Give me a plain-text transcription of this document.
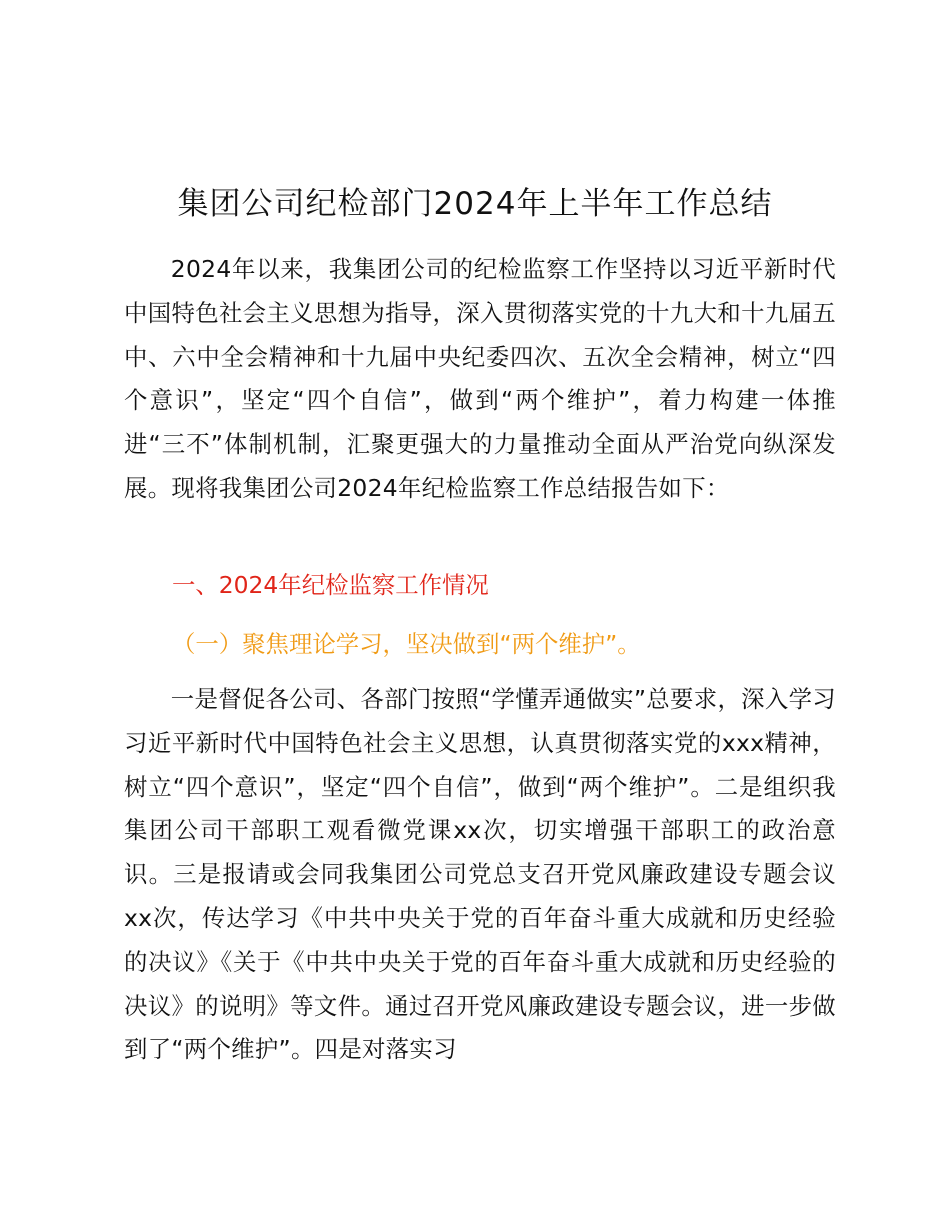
集团公司纪检部门2024年上半年工作总结

2024年以来，我集团公司的纪检监察工作坚持以习近平新时代中国特色社会主义思想为指导，深入贯彻落实党的十九大和十九届五中、六中全会精神和十九届中央纪委四次、五次全会精神，树立“四个意识”，坚定“四个自信”，做到“两个维护”，着力构建一体推进“三不”体制机制，汇聚更强大的力量推动全面从严治党向纵深发展。现将我集团公司2024年纪检监察工作总结报告如下：

一、2024年纪检监察工作情况
（一）聚焦理论学习，坚决做到“两个维护”。

一是督促各公司、各部门按照“学懂弄通做实”总要求，深入学习习近平新时代中国特色社会主义思想，认真贯彻落实党的xxx精神，树立“四个意识”，坚定“四个自信”，做到“两个维护”。二是组织我集团公司干部职工观看微党课xx次，切实增强干部职工的政治意识。三是报请或会同我集团公司党总支召开党风廉政建设专题会议xx次，传达学习《中共中央关于党的百年奋斗重大成就和历史经验的决议》《关于《中共中央关于党的百年奋斗重大成就和历史经验的决议》的说明》等文件。通过召开党风廉政建设专题会议，进一步做到了“两个维护”。四是对落实习
